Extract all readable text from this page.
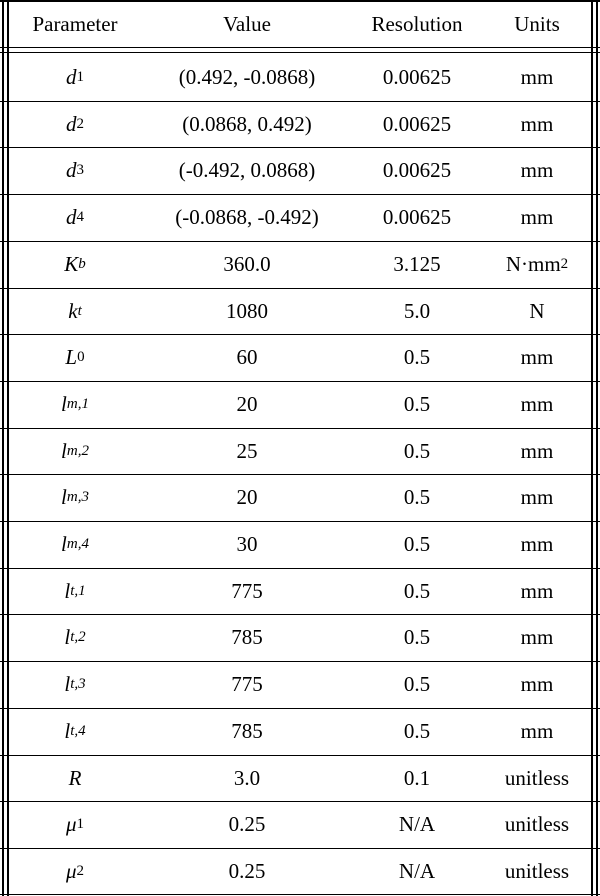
Parameter	Value	Resolution	Units
d 1	(0.492, -0.0868)	0.00625	mm
d 2	(0.0868, 0.492)	0.00625	mm
d 3	(-0.492, 0.0868)	0.00625	mm
d 4	(-0.0868, -0.492)	0.00625	mm
K b	360.0	3.125	N·mm 2
k t	1080	5.0	N
L 0	60	0.5	mm
l m,1	20	0.5	mm
l m,2	25	0.5	mm
l m,3	20	0.5	mm
l m,4	30	0.5	mm
l t,1	775	0.5	mm
l t,2	785	0.5	mm
l t,3	775	0.5	mm
l t,4	785	0.5	mm
R	3.0	0.1	unitless
μ 1	0.25	N/A	unitless
μ 2	0.25	N/A	unitless
